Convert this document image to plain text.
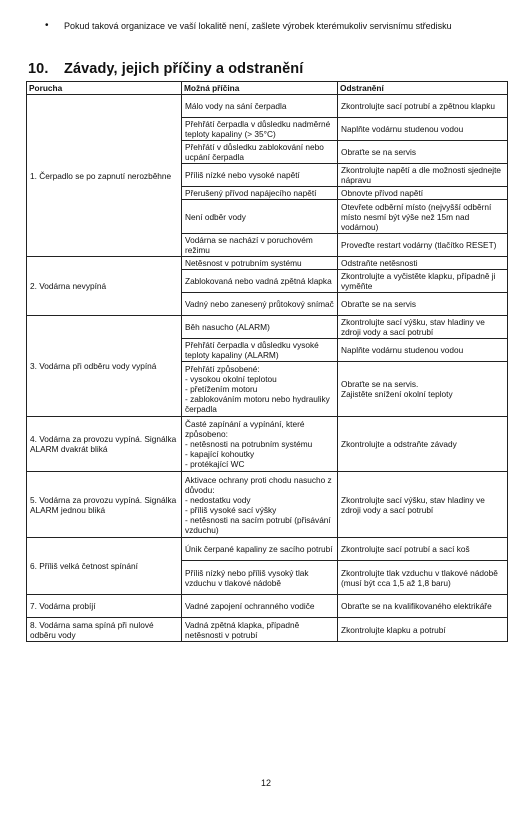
• Pokud taková organizace ve vaší lokalitě není, zašlete výrobek kterémukoliv servisnímu středisku
10. Závady, jejich příčiny a odstranění
Porucha	Možná příčina	Odstranění
1. Čerpadlo se po zapnutí nerozběhne	Málo vody na sání čerpadla	Zkontrolujte sací potrubí a zpětnou klapku
	Přehřátí čerpadla v důsledku nadměrné teploty kapaliny (> 35°C)	Naplňte vodárnu studenou vodou
	Přehřátí v důsledku zablokování nebo ucpání čerpadla	Obraťte se na servis
	Příliš nízké nebo vysoké napětí	Zkontrolujte napětí a dle možnosti sjednejte nápravu
	Přerušený přívod napájecího napětí	Obnovte přívod napětí
	Není odběr vody	Otevřete odběrní místo (nejvyšší odběrní místo nesmí být výše než 15m nad vodárnou)
	Vodárna se nachází v poruchovém režimu	Proveďte restart vodárny (tlačítko RESET)
2. Vodárna nevypíná	Netěsnost v potrubním systému	Odstraňte netěsnosti
	Zablokovaná nebo vadná zpětná klapka	Zkontrolujte a vyčistěte klapku, případně ji vyměňte
	Vadný nebo zanesený průtokový snímač	Obraťte se na servis
3. Vodárna při odběru vody vypíná	Běh nasucho (ALARM)	Zkontrolujte sací výšku, stav hladiny ve zdroji vody a sací potrubí
	Přehřátí čerpadla v důsledku vysoké teploty kapaliny (ALARM)	Naplňte vodárnu studenou vodou
	Přehřátí způsobené:
- vysokou okolní teplotou
- přetížením motoru
- zablokováním motoru nebo hydrauliky čerpadla	Obraťte se na servis.
Zajistěte snížení okolní teploty
4. Vodárna za provozu vypíná. Signálka ALARM dvakrát bliká	Časté zapínání a vypínání, které způsobeno:
- netěsnosti na potrubním systému
- kapající kohoutky
- protékající WC	Zkontrolujte a odstraňte závady
5. Vodárna za provozu vypíná. Signálka ALARM jednou bliká	Aktivace ochrany proti chodu nasucho z důvodu:
- nedostatku vody
- příliš vysoké sací výšky
- netěsnosti na sacím potrubí (přisávání vzduchu)	Zkontrolujte sací výšku, stav hladiny ve zdroji vody a sací potrubí
6. Příliš velká četnost spínání	Únik čerpané kapaliny ze sacího potrubí	Zkontrolujte sací potrubí a sací koš
	Příliš nízký nebo příliš vysoký tlak vzduchu v tlakové nádobě	Zkontrolujte tlak vzduchu v tlakové nádobě (musí být cca 1,5 až 1,8 baru)
7. Vodárna probíjí	Vadné zapojení ochranného vodiče	Obraťte se na kvalifikovaného elektrikáře
8. Vodárna sama spíná při nulové odběru vody	Vadná zpětná klapka, případně netěsnosti v potrubí	Zkontrolujte klapku a potrubí
12
